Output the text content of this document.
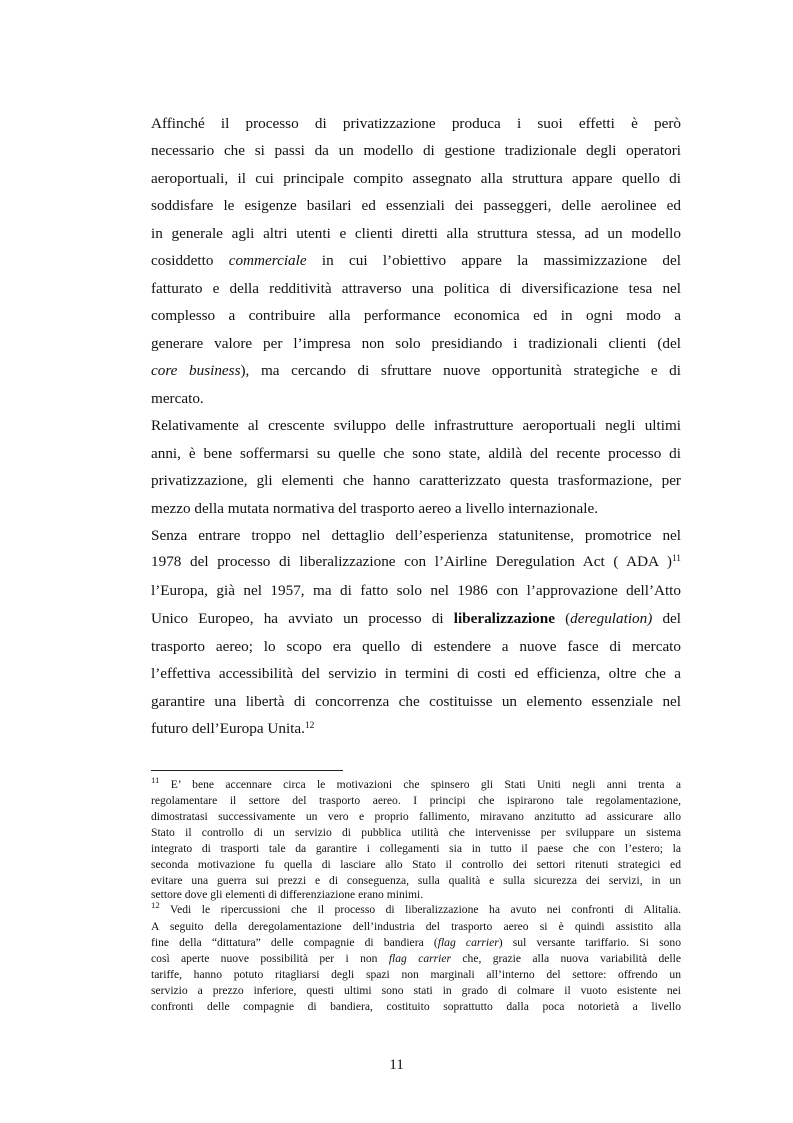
Affinché il processo di privatizzazione produca i suoi effetti è però
necessario che si passi da un modello di gestione tradizionale degli operatori
aeroportuali, il cui principale compito assegnato alla struttura appare quello di
soddisfare le esigenze basilari ed essenziali dei passeggeri, delle aerolinee ed
in generale agli altri utenti e clienti diretti alla struttura stessa, ad un modello
cosiddetto commerciale in cui l’obiettivo appare la massimizzazione del
fatturato e della redditività attraverso una politica di diversificazione tesa nel
complesso a contribuire alla performance economica ed in ogni modo a
generare valore per l’impresa non solo presidiando i tradizionali clienti (del
core business), ma cercando di sfruttare nuove opportunità strategiche e di
mercato.
Relativamente al crescente sviluppo delle infrastrutture aeroportuali negli ultimi
anni, è bene soffermarsi su quelle che sono state, aldilà del recente processo di
privatizzazione, gli elementi che hanno caratterizzato questa trasformazione, per
mezzo della mutata normativa del trasporto aereo a livello internazionale.
Senza entrare troppo nel dettaglio dell’esperienza statunitense, promotrice nel
1978 del processo di liberalizzazione con l’Airline Deregulation Act ( ADA )$^{11}$
l’Europa, già nel 1957, ma di fatto solo nel 1986 con l’approvazione dell’Atto
Unico Europeo, ha avviato un processo di liberalizzazione (deregulation) del
trasporto aereo; lo scopo era quello di estendere a nuove fasce di mercato
l’effettiva accessibilità del servizio in termini di costi ed efficienza, oltre che a
garantire una libertà di concorrenza che costituisse un elemento essenziale nel
futuro dell’Europa Unita.$^{12}$
$^{11}$ E’ bene accennare circa le motivazioni che spinsero gli Stati Uniti negli anni trenta a
regolamentare il settore del trasporto aereo. I principi che ispirarono tale regolamentazione,
dimostratasi successivamente un vero e proprio fallimento, miravano anzitutto ad assicurare allo
Stato il controllo di un servizio di pubblica utilità che intervenisse per sviluppare un sistema
integrato di trasporti tale da garantire i collegamenti sia in tutto il paese che con l’estero; la
seconda motivazione fu quella di lasciare allo Stato il controllo dei settori ritenuti strategici ed
evitare una guerra sui prezzi e di conseguenza, sulla qualità e sulla sicurezza dei servizi, in un
settore dove gli elementi di differenziazione erano minimi.
$^{12}$ Vedi le ripercussioni che il processo di liberalizzazione ha avuto nei confronti di Alitalia.
A seguito della deregolamentazione dell’industria del trasporto aereo si è quindi assistito alla
fine della “dittatura” delle compagnie di bandiera (flag carrier) sul versante tariffario. Si sono
così aperte nuove possibilità per i non flag carrier che, grazie alla nuova variabilità delle
tariffe, hanno potuto ritagliarsi degli spazi non marginali all’interno del settore: offrendo un
servizio a prezzo inferiore, questi ultimi sono stati in grado di colmare il vuoto esistente nei
confronti delle compagnie di bandiera, costituito soprattutto dalla poca notorietà a livello
11
